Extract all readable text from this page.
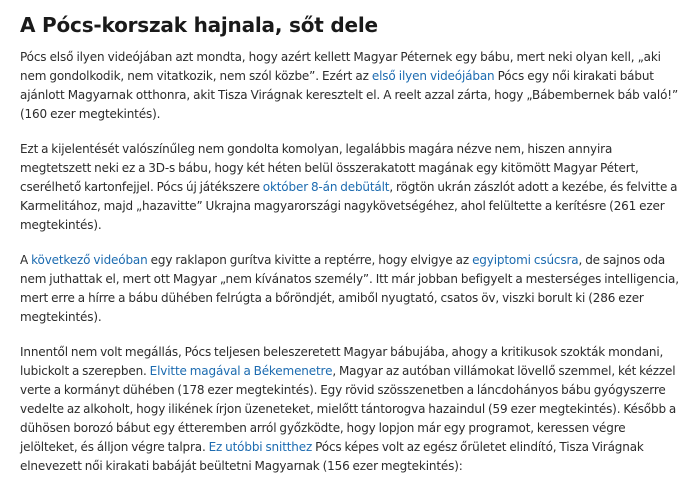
A Pócs-korszak hajnala, sőt dele

Pócs első ilyen videójában azt mondta, hogy azért kellett Magyar Péternek egy bábu, mert neki olyan kell, „aki nem gondolkodik, nem vitatkozik, nem szól közbe”. Ezért az első ilyen videójában Pócs egy női kirakati bábut ajánlott Magyarnak otthonra, akit Tisza Virágnak keresztelt el. A reelt azzal zárta, hogy „Bábembernek báb való!” (160 ezer megtekintés).

Ezt a kijelentését valószínűleg nem gondolta komolyan, legalábbis magára nézve nem, hiszen annyira megtetszett neki ez a 3D-s bábu, hogy két héten belül összerakatott magának egy kitömött Magyar Pétert, cserélhető kartonfejjel. Pócs új játékszere október 8-án debütált, rögtön ukrán zászlót adott a kezébe, és felvitte a Karmelitához, majd „hazavitte” Ukrajna magyarországi nagykövetségéhez, ahol felültette a kerítésre (261 ezer megtekintés).

A következő videóban egy raklapon gurítva kivitte a reptérre, hogy elvigye az egyiptomi csúcsra, de sajnos oda nem juthattak el, mert ott Magyar „nem kívánatos személy”. Itt már jobban befigyelt a mesterséges intelligencia, mert erre a hírre a bábu dühében felrúgta a bőröndjét, amiből nyugtató, csatos öv, viszki borult ki (286 ezer megtekintés).

Innentől nem volt megállás, Pócs teljesen beleszeretett Magyar bábujába, ahogy a kritikusok szokták mondani, lubickolt a szerepben. Elvitte magával a Békemenetre, Magyar az autóban villámokat lövellő szemmel, két kézzel verte a kormányt dühében (178 ezer megtekintés). Egy rövid szösszenetben a láncdohányos bábu gyógyszerre vedelte az alkoholt, hogy ilikének írjon üzeneteket, mielőtt tántorogva hazaindul (59 ezer megtekintés). Később a dühösen borozó bábut egy étteremben arról győzködte, hogy lopjon már egy programot, keressen végre jelölteket, és álljon végre talpra. Ez utóbbi snitthez Pócs képes volt az egész őrületet elindító, Tisza Virágnak elnevezett női kirakati babáját beültetni Magyarnak (156 ezer megtekintés):
